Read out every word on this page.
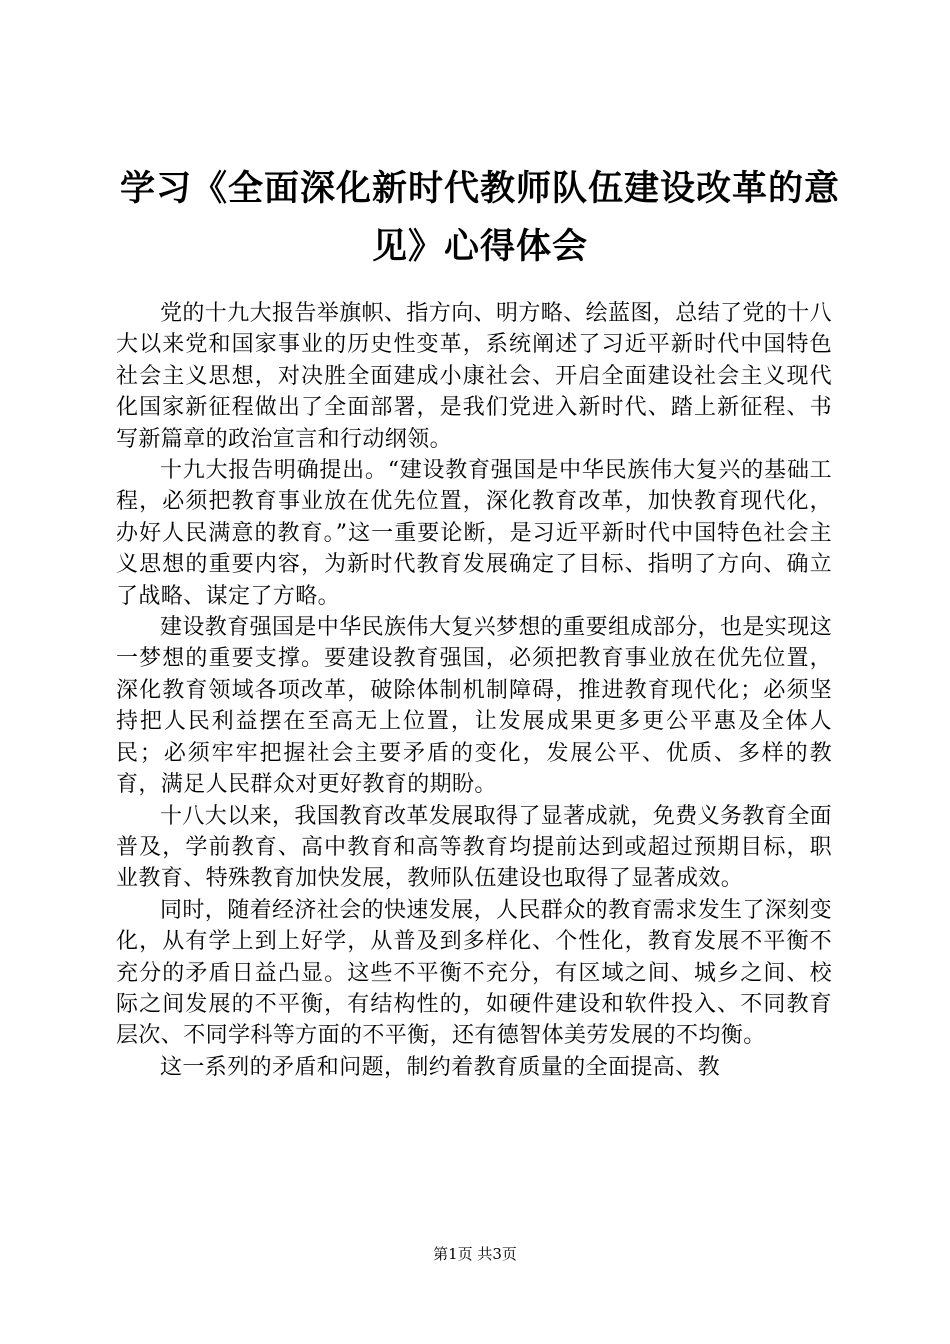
学习《全面深化新时代教师队伍建设改革的意见》心得体会

党的十九大报告举旗帜、指方向、明方略、绘蓝图，总结了党的十八大以来党和国家事业的历史性变革，系统阐述了习近平新时代中国特色社会主义思想，对决胜全面建成小康社会、开启全面建设社会主义现代化国家新征程做出了全面部署，是我们党进入新时代、踏上新征程、书写新篇章的政治宣言和行动纲领。

十九大报告明确提出。“建设教育强国是中华民族伟大复兴的基础工程，必须把教育事业放在优先位置，深化教育改革，加快教育现代化，办好人民满意的教育。”这一重要论断，是习近平新时代中国特色社会主义思想的重要内容，为新时代教育发展确定了目标、指明了方向、确立了战略、谋定了方略。

建设教育强国是中华民族伟大复兴梦想的重要组成部分，也是实现这一梦想的重要支撑。要建设教育强国，必须把教育事业放在优先位置，深化教育领域各项改革，破除体制机制障碍，推进教育现代化；必须坚持把人民利益摆在至高无上位置，让发展成果更多更公平惠及全体人民；必须牢牢把握社会主要矛盾的变化，发展公平、优质、多样的教育，满足人民群众对更好教育的期盼。

十八大以来，我国教育改革发展取得了显著成就，免费义务教育全面普及，学前教育、高中教育和高等教育均提前达到或超过预期目标，职业教育、特殊教育加快发展，教师队伍建设也取得了显著成效。

同时，随着经济社会的快速发展，人民群众的教育需求发生了深刻变化，从有学上到上好学，从普及到多样化、个性化，教育发展不平衡不充分的矛盾日益凸显。这些不平衡不充分，有区域之间、城乡之间、校际之间发展的不平衡，有结构性的，如硬件建设和软件投入、不同教育层次、不同学科等方面的不平衡，还有德智体美劳发展的不均衡。

这一系列的矛盾和问题，制约着教育质量的全面提高、教

第1页 共3页
